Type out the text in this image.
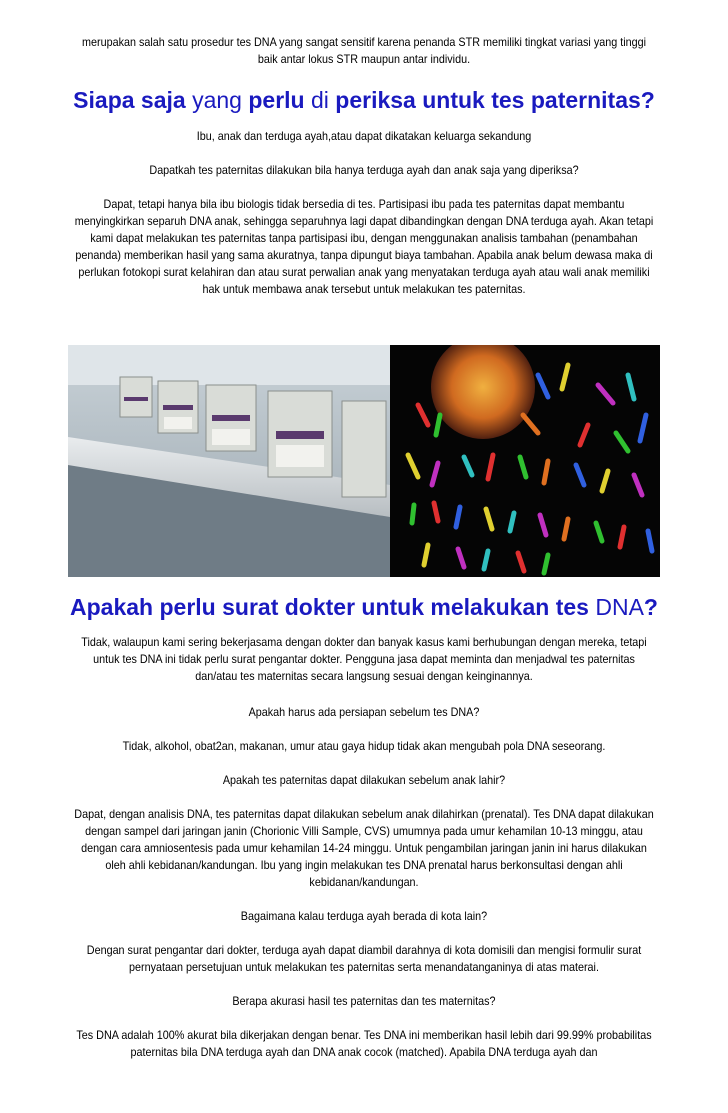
merupakan salah satu prosedur tes DNA yang sangat sensitif karena penanda STR memiliki tingkat variasi yang tinggi baik antar lokus STR maupun antar individu.

Siapa saja yang perlu di periksa untuk tes paternitas?

Ibu, anak dan terduga ayah,atau dapat dikatakan keluarga sekandung

Dapatkah tes paternitas dilakukan bila hanya terduga ayah dan anak saja yang diperiksa?

Dapat, tetapi hanya bila ibu biologis tidak bersedia di tes. Partisipasi ibu pada tes paternitas dapat membantu menyingkirkan separuh DNA anak, sehingga separuhnya lagi dapat dibandingkan dengan DNA terduga ayah. Akan tetapi kami dapat melakukan tes paternitas tanpa partisipasi ibu, dengan menggunakan analisis tambahan (penambahan penanda) memberikan hasil yang sama akuratnya, tanpa dipungut biaya tambahan. Apabila anak belum dewasa maka di perlukan fotokopi surat kelahiran dan atau surat perwalian anak yang menyatakan terduga ayah atau wali anak memiliki hak untuk membawa anak tersebut untuk melakukan tes paternitas.

Apakah perlu surat dokter untuk melakukan tes DNA?

Tidak, walaupun kami sering bekerjasama dengan dokter dan banyak kasus kami berhubungan dengan mereka, tetapi untuk tes DNA ini tidak perlu surat pengantar dokter. Pengguna jasa dapat meminta dan menjadwal tes paternitas dan/atau tes maternitas secara langsung sesuai dengan keinginannya.

Apakah harus ada persiapan sebelum tes DNA?

Tidak, alkohol, obat2an, makanan, umur atau gaya hidup tidak akan mengubah pola DNA seseorang.

Apakah tes paternitas dapat dilakukan sebelum anak lahir?

Dapat, dengan analisis DNA, tes paternitas dapat dilakukan sebelum anak dilahirkan (prenatal). Tes DNA dapat dilakukan dengan sampel dari jaringan janin (Chorionic Villi Sample, CVS) umumnya pada umur kehamilan 10-13 minggu, atau dengan cara amniosentesis pada umur kehamilan 14-24 minggu. Untuk pengambilan jaringan janin ini harus dilakukan oleh ahli kebidanan/kandungan. Ibu yang ingin melakukan tes DNA prenatal harus berkonsultasi dengan ahli kebidanan/kandungan.

Bagaimana kalau terduga ayah berada di kota lain?

Dengan surat pengantar dari dokter, terduga ayah dapat diambil darahnya di kota domisili dan mengisi formulir surat pernyataan persetujuan untuk melakukan tes paternitas serta menandatanganinya di atas materai.

Berapa akurasi hasil tes paternitas dan tes maternitas?

Tes DNA adalah 100% akurat bila dikerjakan dengan benar. Tes DNA ini memberikan hasil lebih dari 99.99% probabilitas paternitas bila DNA terduga ayah dan DNA anak cocok (matched). Apabila DNA terduga ayah dan
